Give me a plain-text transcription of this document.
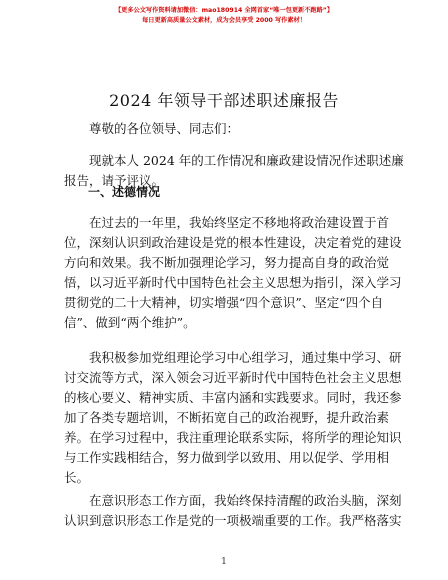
【更多公文写作资料请加微信：mao180914 全网首家“唯一包更新不跑路”】
每日更新高质量公文素材，成为会员享受 2000 写作素材！
2024 年领导干部述职述廉报告
尊敬的各位领导、同志们：
现就本人 2024 年的工作情况和廉政建设情况作述职述廉
报告，请予评议。
一、述德情况
在过去的一年里，我始终坚定不移地将政治建设置于首
位，深刻认识到政治建设是党的根本性建设，决定着党的建设
方向和效果。我不断加强理论学习，努力提高自身的政治觉
悟，以习近平新时代中国特色社会主义思想为指引，深入学习
贯彻党的二十大精神，切实增强“四个意识”、坚定“四个自
信”、做到“两个维护”。
我积极参加党组理论学习中心组学习，通过集中学习、研
讨交流等方式，深入领会习近平新时代中国特色社会主义思想
的核心要义、精神实质、丰富内涵和实践要求。同时，我还参
加了各类专题培训，不断拓宽自己的政治视野，提升政治素
养。在学习过程中，我注重理论联系实际，将所学的理论知识
与工作实践相结合，努力做到学以致用、用以促学、学用相
长。
在意识形态工作方面，我始终保持清醒的政治头脑，深刻
认识到意识形态工作是党的一项极端重要的工作。我严格落实
1
